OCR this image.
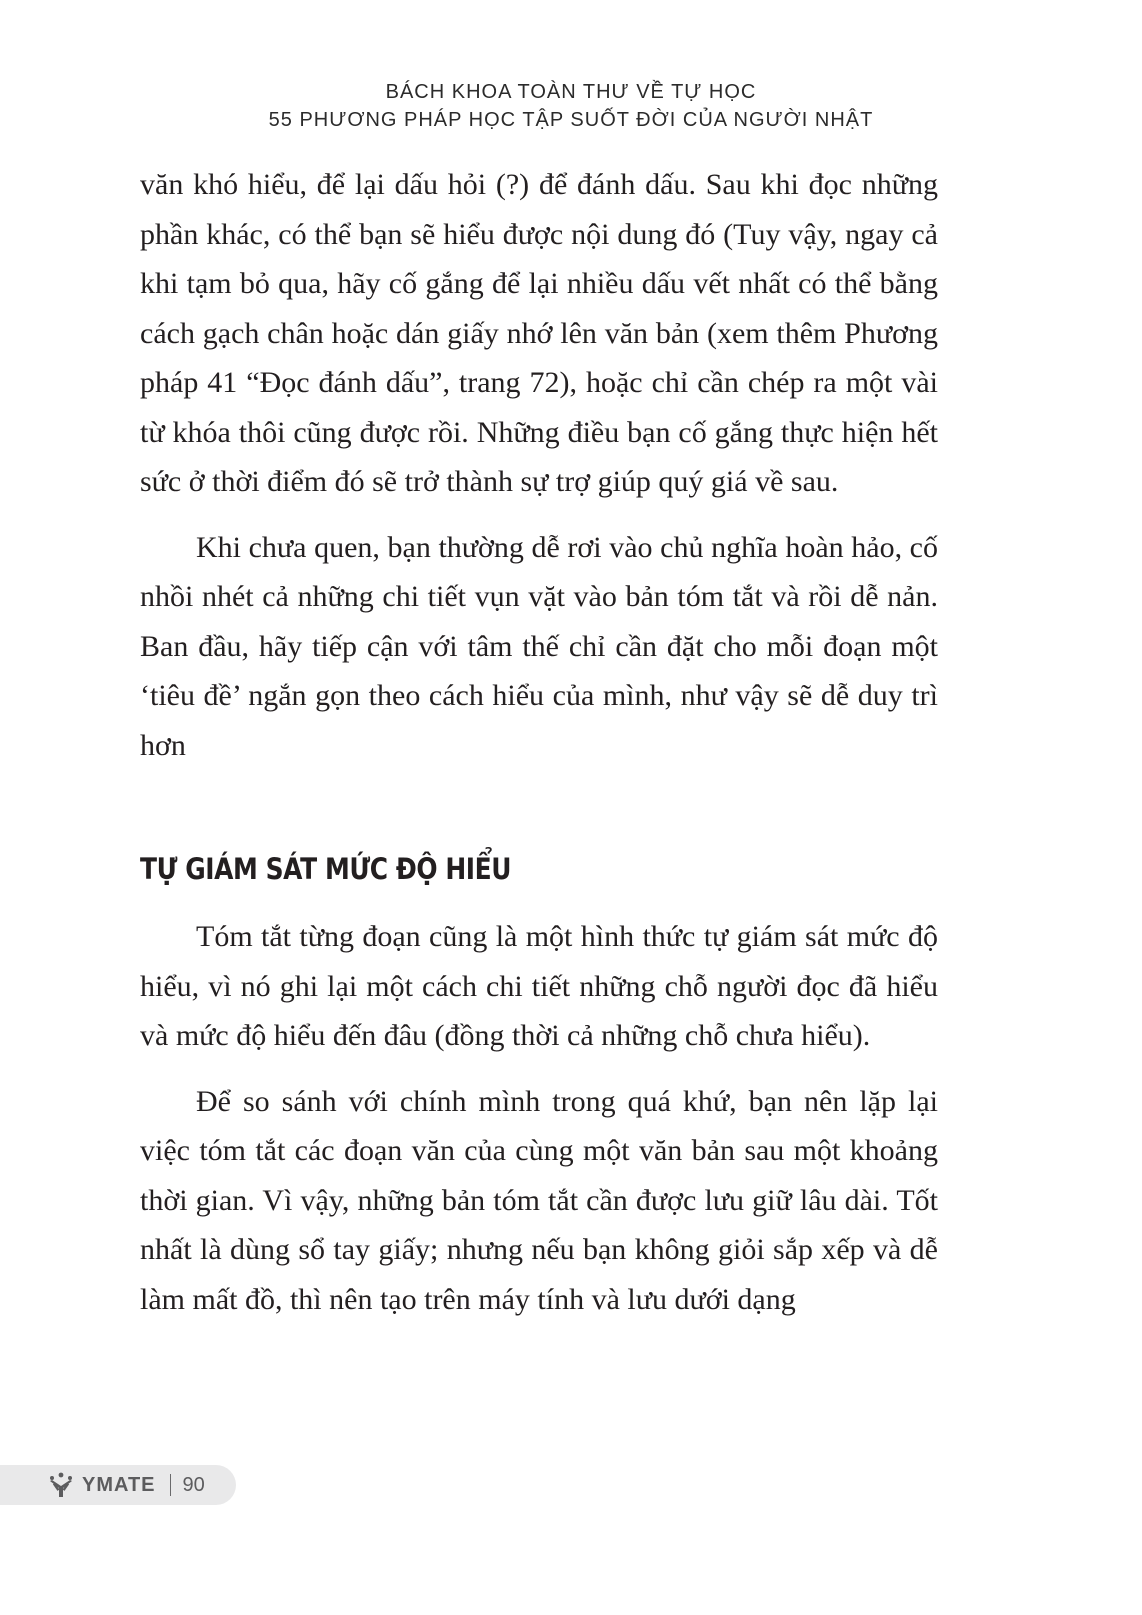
BÁCH KHOA TOÀN THƯ VỀ TỰ HỌC
55 PHƯƠNG PHÁP HỌC TẬP SUỐT ĐỜI CỦA NGƯỜI NHẬT

văn khó hiểu, để lại dấu hỏi (?) để đánh dấu. Sau khi đọc những phần khác, có thể bạn sẽ hiểu được nội dung đó (Tuy vậy, ngay cả khi tạm bỏ qua, hãy cố gắng để lại nhiều dấu vết nhất có thể bằng cách gạch chân hoặc dán giấy nhớ lên văn bản (xem thêm Phương pháp 41 “Đọc đánh dấu”, trang 72), hoặc chỉ cần chép ra một vài từ khóa thôi cũng được rồi. Những điều bạn cố gắng thực hiện hết sức ở thời điểm đó sẽ trở thành sự trợ giúp quý giá về sau.

Khi chưa quen, bạn thường dễ rơi vào chủ nghĩa hoàn hảo, cố nhồi nhét cả những chi tiết vụn vặt vào bản tóm tắt và rồi dễ nản. Ban đầu, hãy tiếp cận với tâm thế chỉ cần đặt cho mỗi đoạn một ‘tiêu đề’ ngắn gọn theo cách hiểu của mình, như vậy sẽ dễ duy trì hơn

TỰ GIÁM SÁT MỨC ĐỘ HIỂU

Tóm tắt từng đoạn cũng là một hình thức tự giám sát mức độ hiểu, vì nó ghi lại một cách chi tiết những chỗ người đọc đã hiểu và mức độ hiểu đến đâu (đồng thời cả những chỗ chưa hiểu).

Để so sánh với chính mình trong quá khứ, bạn nên lặp lại việc tóm tắt các đoạn văn của cùng một văn bản sau một khoảng thời gian. Vì vậy, những bản tóm tắt cần được lưu giữ lâu dài. Tốt nhất là dùng sổ tay giấy; nhưng nếu bạn không giỏi sắp xếp và dễ làm mất đồ, thì nên tạo trên máy tính và lưu dưới dạng

YMATE 90
